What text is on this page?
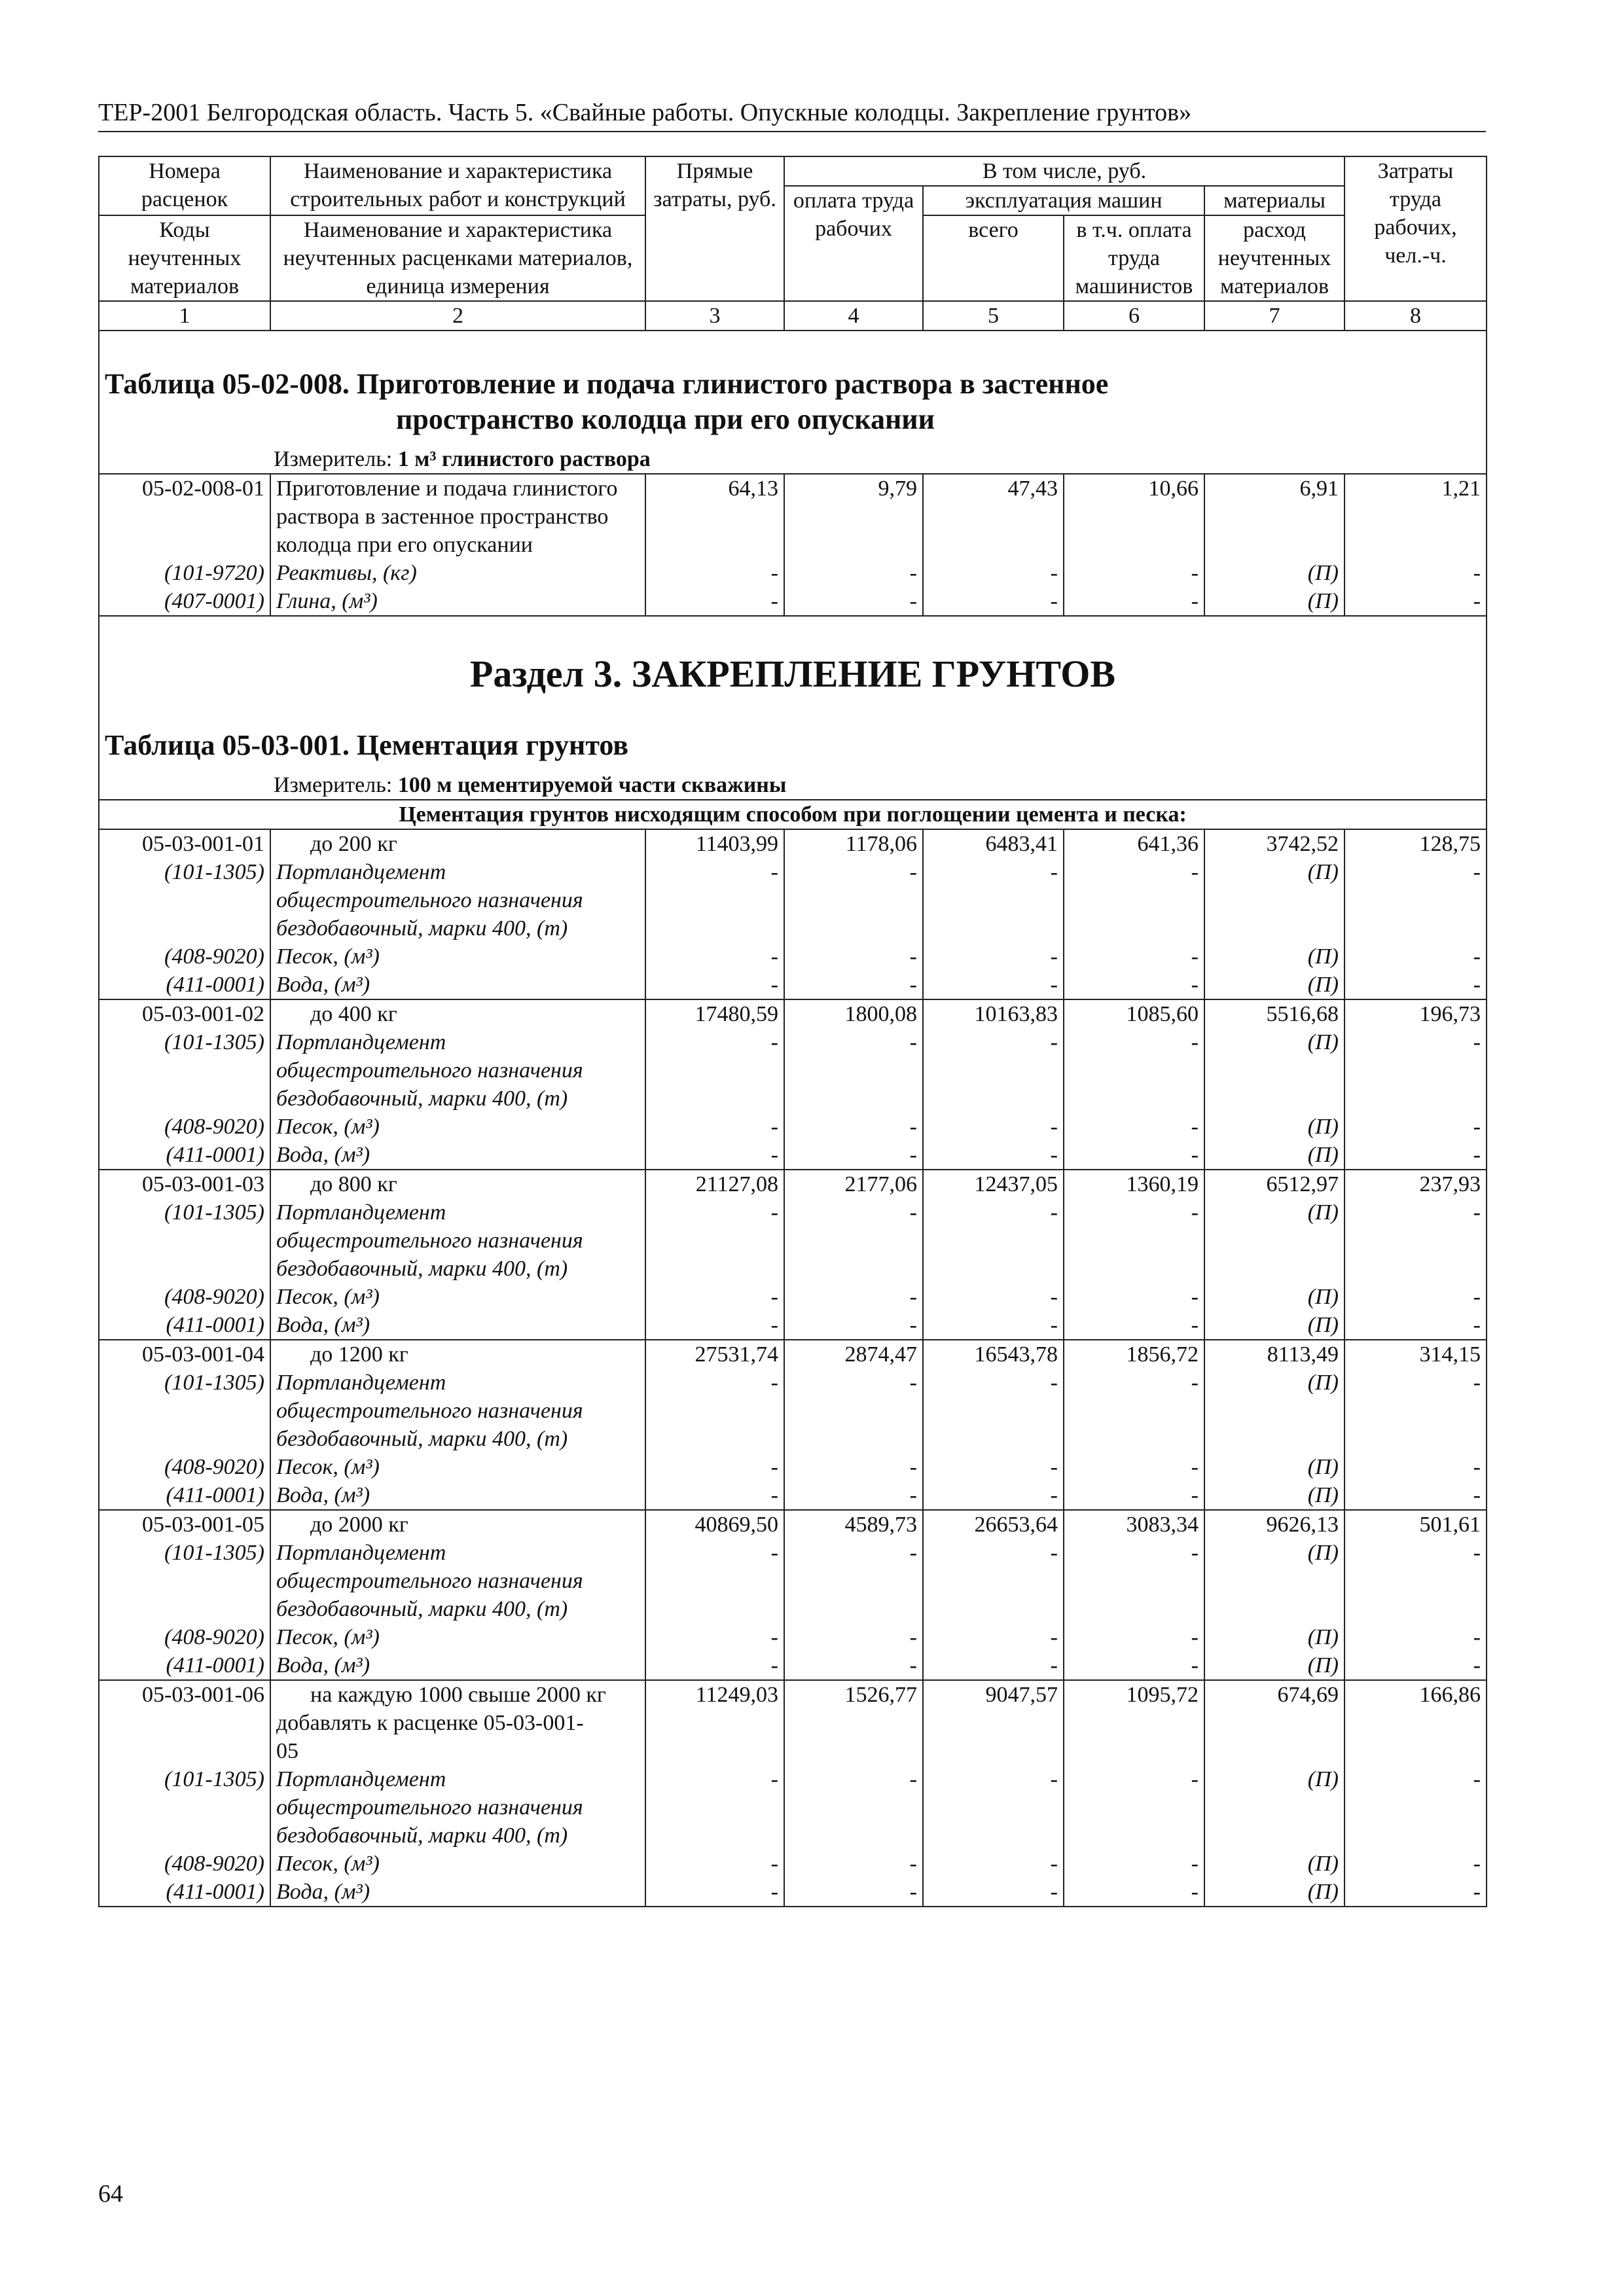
ТЕР-2001 Белгородская область. Часть 5. «Свайные работы. Опускные колодцы. Закрепление грунтов»
Номера расценок	Наименование и характеристика строительных работ и конструкций	Прямые затраты, руб.	В том числе, руб.				Затраты труда рабочих, чел.-ч.
			оплата труда рабочих	эксплуатация машин		материалы	
Коды неучтенных материалов	Наименование и характеристика неучтенных расценками материалов, единица измерения			всего	в т.ч. оплата труда машинистов	расход неучтенных материалов	
1	2	3	4	5	6	7	8

Таблица 05-02-008. Приготовление и подача глинистого раствора в застенное
пространство колодца при его опускании
Измеритель: 1 м³ глинистого раствора							

05-02-008-01	Приготовление и подача глинистого раствора в застенное пространство колодца при его опускании	64,13	9,79	47,43	10,66	6,91	1,21
(101-9720)	Реактивы, (кг)	-	-	-	-	(П)	-
(407-0001)	Глина, (м³)	-	-	-	-	(П)	-

Раздел 3. ЗАКРЕПЛЕНИЕ ГРУНТОВ
Таблица 05-03-001. Цементация грунтов
Измеритель: 100 м цементируемой части скважины							

Цементация грунтов нисходящим способом при поглощении цемента и песка:							
05-03-001-01	до 200 кг	11403,99	1178,06	6483,41	641,36	3742,52	128,75
(101-1305)	Портландцемент	-	-	-	-	(П)	-
	общестроительного назначения						
	бездобавочный, марки 400, (т)						
(408-9020)	Песок, (м³)	-	-	-	-	(П)	-
(411-0001)	Вода, (м³)	-	-	-	-	(П)	-
05-03-001-02	до 400 кг	17480,59	1800,08	10163,83	1085,60	5516,68	196,73
(101-1305)	Портландцемент	-	-	-	-	(П)	-
	общестроительного назначения						
	бездобавочный, марки 400, (т)						
(408-9020)	Песок, (м³)	-	-	-	-	(П)	-
(411-0001)	Вода, (м³)	-	-	-	-	(П)	-
05-03-001-03	до 800 кг	21127,08	2177,06	12437,05	1360,19	6512,97	237,93
(101-1305)	Портландцемент	-	-	-	-	(П)	-
	общестроительного назначения						
	бездобавочный, марки 400, (т)						
(408-9020)	Песок, (м³)	-	-	-	-	(П)	-
(411-0001)	Вода, (м³)	-	-	-	-	(П)	-
05-03-001-04	до 1200 кг	27531,74	2874,47	16543,78	1856,72	8113,49	314,15
(101-1305)	Портландцемент	-	-	-	-	(П)	-
	общестроительного назначения						
	бездобавочный, марки 400, (т)						
(408-9020)	Песок, (м³)	-	-	-	-	(П)	-
(411-0001)	Вода, (м³)	-	-	-	-	(П)	-
05-03-001-05	до 2000 кг	40869,50	4589,73	26653,64	3083,34	9626,13	501,61
(101-1305)	Портландцемент	-	-	-	-	(П)	-
	общестроительного назначения						
	бездобавочный, марки 400, (т)						
(408-9020)	Песок, (м³)	-	-	-	-	(П)	-
(411-0001)	Вода, (м³)	-	-	-	-	(П)	-
05-03-001-06	на каждую 1000 свыше 2000 кг	11249,03	1526,77	9047,57	1095,72	674,69	166,86
	добавлять к расценке 05-03-001-						
	05						
(101-1305)	Портландцемент	-	-	-	-	(П)	-
	общестроительного назначения						
	бездобавочный, марки 400, (т)						
(408-9020)	Песок, (м³)	-	-	-	-	(П)	-
(411-0001)	Вода, (м³)	-	-	-	-	(П)	-
64
